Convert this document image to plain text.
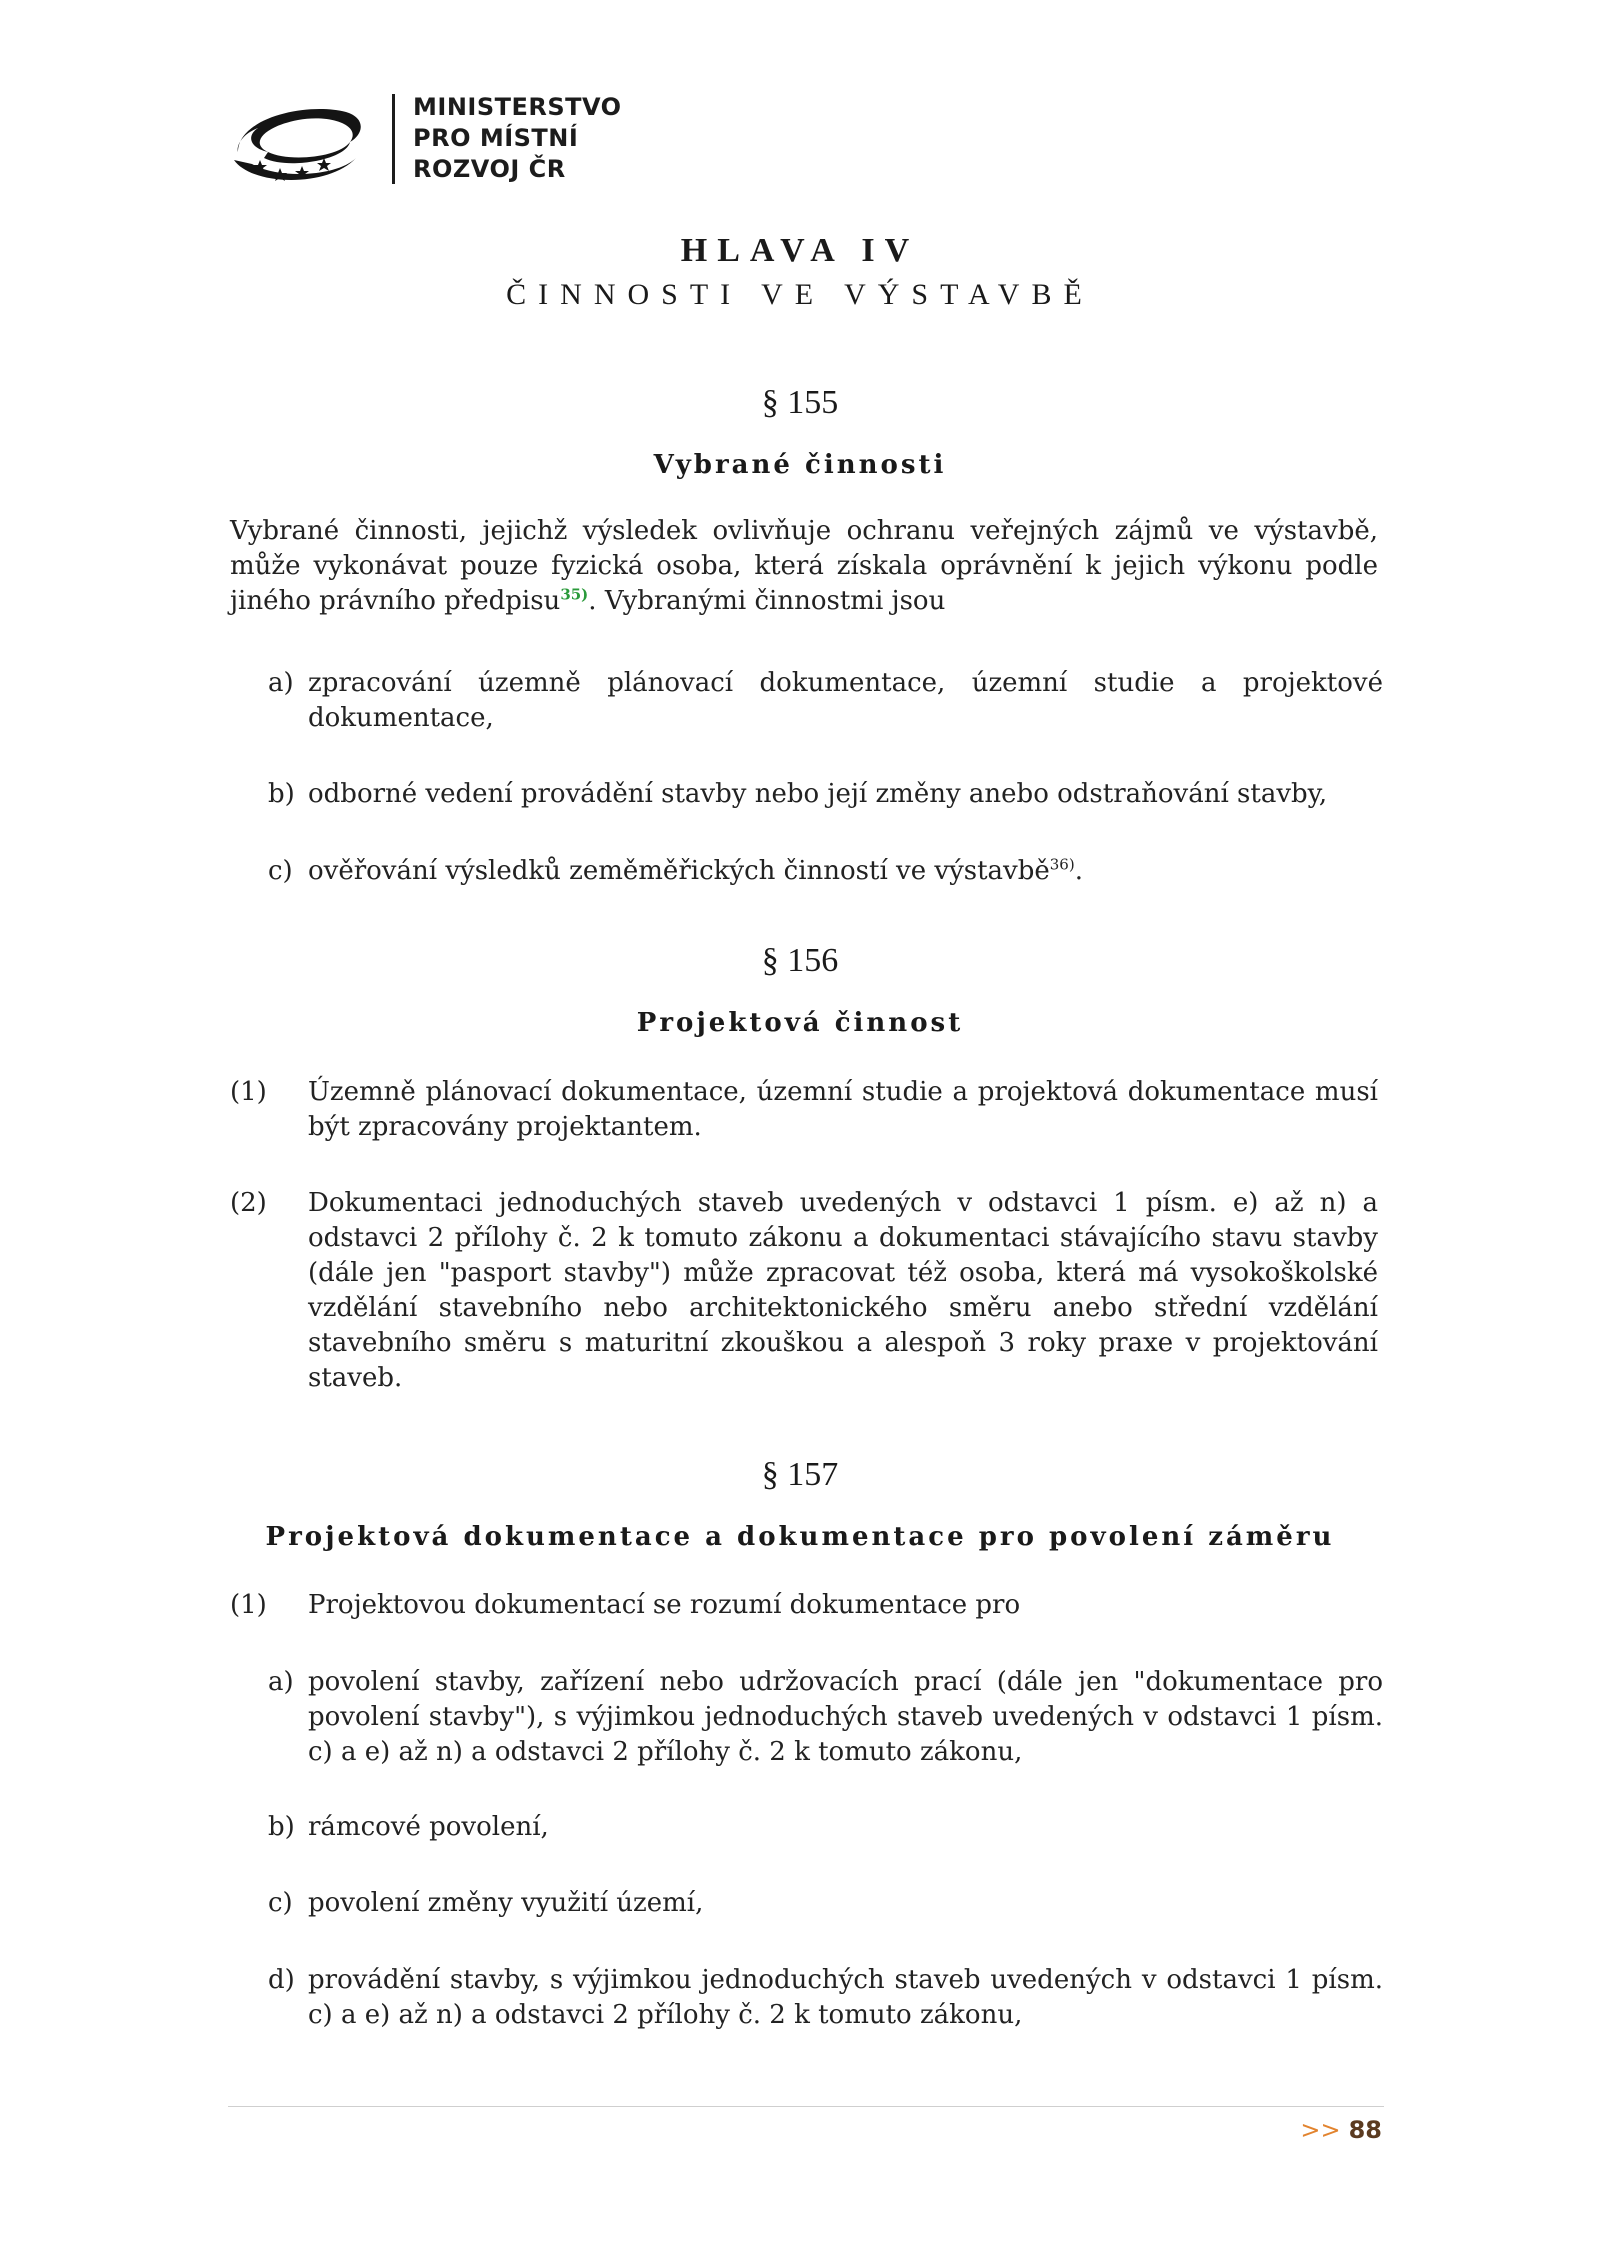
MINISTERSTVO
PRO MÍSTNÍ
ROZVOJ ČR
HLAVA IV
ČINNOSTI VE VÝSTAVBĚ
§ 155
Vybrané činnosti
Vybrané činnosti, jejichž výsledek ovlivňuje ochranu veřejných zájmů ve výstavbě, může vykonávat pouze fyzická osoba, která získala oprávnění k jejich výkonu podle jiného právního předpisu$^{35)}$. Vybranými činnostmi jsou
a) zpracování územně plánovací dokumentace, územní studie a projektové dokumentace,
b) odborné vedení provádění stavby nebo její změny anebo odstraňování stavby,
c) ověřování výsledků zeměměřických činností ve výstavbě$^{36)}$.
§ 156
Projektová činnost
(1) Územně plánovací dokumentace, územní studie a projektová dokumentace musí být zpracovány projektantem.
(2) Dokumentaci jednoduchých staveb uvedených v odstavci 1 písm. e) až n) a odstavci 2 přílohy č. 2 k tomuto zákonu a dokumentaci stávajícího stavu stavby (dále jen "pasport stavby") může zpracovat též osoba, která má vysokoškolské vzdělání stavebního nebo architektonického směru anebo střední vzdělání stavebního směru s maturitní zkouškou a alespoň 3 roky praxe v projektování staveb.
§ 157
Projektová dokumentace a dokumentace pro povolení záměru
(1) Projektovou dokumentací se rozumí dokumentace pro
a) povolení stavby, zařízení nebo udržovacích prací (dále jen "dokumentace pro povolení stavby"), s výjimkou jednoduchých staveb uvedených v odstavci 1 písm. c) a e) až n) a odstavci 2 přílohy č. 2 k tomuto zákonu,
b) rámcové povolení,
c) povolení změny využití území,
d) provádění stavby, s výjimkou jednoduchých staveb uvedených v odstavci 1 písm. c) a e) až n) a odstavci 2 přílohy č. 2 k tomuto zákonu,
>> 88
